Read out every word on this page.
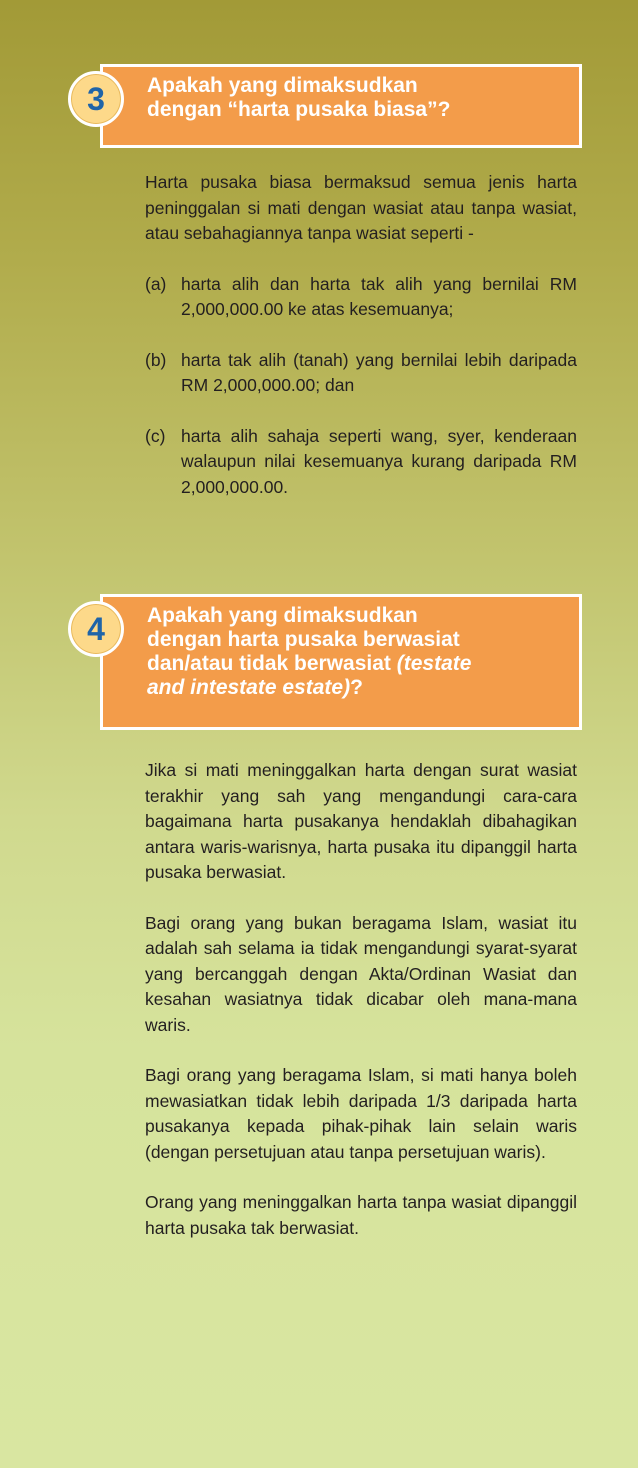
Apakah yang dimaksudkan
dengan “harta pusaka biasa”?
3

Harta pusaka biasa bermaksud semua jenis harta peninggalan si mati dengan wasiat atau tanpa wasiat, atau sebahagiannya tanpa wasiat seperti -

(a) harta alih dan harta tak alih yang bernilai RM 2,000,000.00 ke atas kesemuanya;
(b) harta tak alih (tanah) yang bernilai lebih daripada RM 2,000,000.00; dan
(c) harta alih sahaja seperti wang, syer, kenderaan walaupun nilai kesemuanya kurang daripada RM 2,000,000.00.
Apakah yang dimaksudkan
dengan harta pusaka berwasiat
dan/atau tidak berwasiat (testate
and intestate estate)?
4

Jika si mati meninggalkan harta dengan surat wasiat terakhir yang sah yang mengandungi cara-cara bagaimana harta pusakanya hendaklah dibahagikan antara waris-warisnya, harta pusaka itu dipanggil harta pusaka berwasiat.

Bagi orang yang bukan beragama Islam, wasiat itu adalah sah selama ia tidak mengandungi syarat-syarat yang bercanggah dengan Akta/Ordinan Wasiat dan kesahan wasiatnya tidak dicabar oleh mana-mana waris.

Bagi orang yang beragama Islam, si mati hanya boleh mewasiatkan tidak lebih daripada 1/3 daripada harta pusakanya kepada pihak-pihak lain selain waris (dengan persetujuan atau tanpa persetujuan waris).

Orang yang meninggalkan harta tanpa wasiat dipanggil harta pusaka tak berwasiat.
